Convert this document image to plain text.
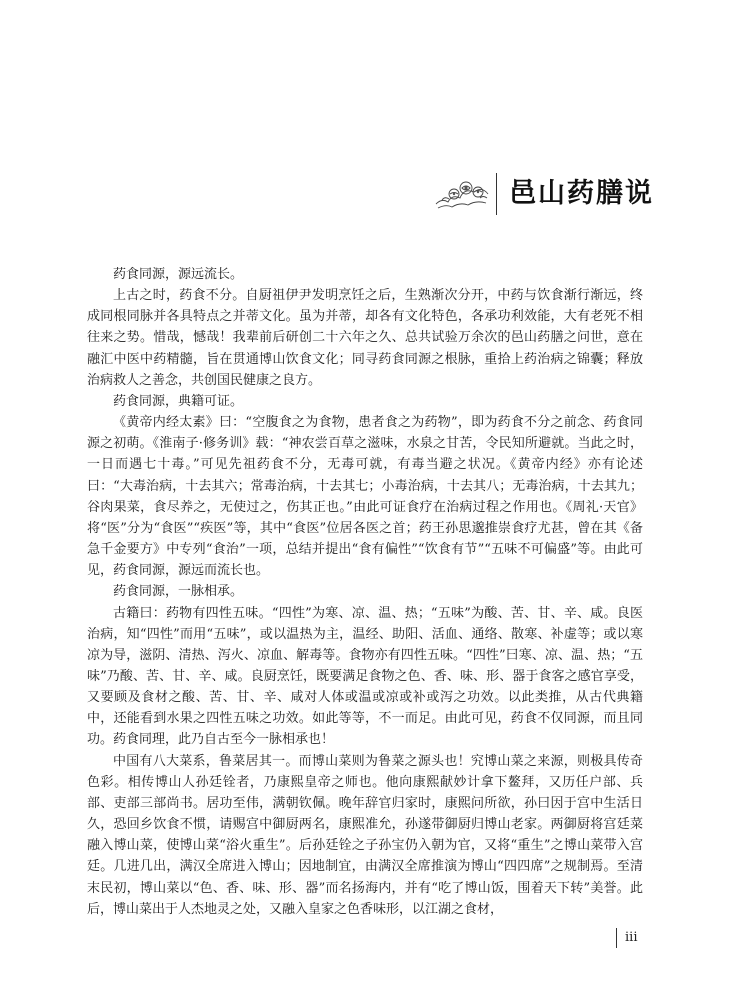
邑山药膳说

药食同源，源远流长。

上古之时，药食不分。自厨祖伊尹发明烹饪之后，生熟渐次分开，中药与饮食渐行渐远，终成同根同脉并各具特点之并蒂文化。虽为并蒂，却各有文化特色，各承功利效能，大有老死不相往来之势。惜哉，憾哉！我辈前后研创二十六年之久、总共试验万余次的邑山药膳之问世，意在融汇中医中药精髓，旨在贯通博山饮食文化；同寻药食同源之根脉，重拾上药治病之锦囊；释放治病救人之善念，共创国民健康之良方。

药食同源，典籍可证。

《黄帝内经太素》曰：“空腹食之为食物，患者食之为药物”，即为药食不分之前念、药食同源之初萌。《淮南子·修务训》载：“神农尝百草之滋味，水泉之甘苦，令民知所避就。当此之时，一日而遇七十毒。”可见先祖药食不分，无毒可就，有毒当避之状况。《黄帝内经》亦有论述曰：“大毒治病，十去其六；常毒治病，十去其七；小毒治病，十去其八；无毒治病，十去其九；谷肉果菜，食尽养之，无使过之，伤其正也。”由此可证食疗在治病过程之作用也。《周礼·天官》将“医”分为“食医”“疾医”等，其中“食医”位居各医之首；药王孙思邈推崇食疗尤甚，曾在其《备急千金要方》中专列“食治”一项，总结并提出“食有偏性”“饮食有节”“五味不可偏盛”等。由此可见，药食同源，源远而流长也。

药食同源，一脉相承。

古籍曰：药物有四性五味。“四性”为寒、凉、温、热；“五味”为酸、苦、甘、辛、咸。良医治病，知“四性”而用“五味”，或以温热为主，温经、助阳、活血、通络、散寒、补虚等；或以寒凉为导，滋阴、清热、泻火、凉血、解毒等。食物亦有四性五味。“四性”曰寒、凉、温、热；“五味”乃酸、苦、甘、辛、咸。良厨烹饪，既要满足食物之色、香、味、形、器于食客之感官享受，又要顾及食材之酸、苦、甘、辛、咸对人体或温或凉或补或泻之功效。以此类推，从古代典籍中，还能看到水果之四性五味之功效。如此等等，不一而足。由此可见，药食不仅同源，而且同功。药食同理，此乃自古至今一脉相承也！

中国有八大菜系，鲁菜居其一。而博山菜则为鲁菜之源头也！究博山菜之来源，则极具传奇色彩。相传博山人孙廷铨者，乃康熙皇帝之师也。他向康熙献妙计拿下鳌拜，又历任户部、兵部、吏部三部尚书。居功至伟，满朝钦佩。晚年辞官归家时，康熙问所欲，孙曰因于宫中生活日久，恐回乡饮食不惯，请赐宫中御厨两名，康熙准允，孙遂带御厨归博山老家。两御厨将宫廷菜融入博山菜，使博山菜“浴火重生”。后孙廷铨之子孙宝仍入朝为官，又将“重生”之博山菜带入宫廷。几进几出，满汉全席进入博山；因地制宜，由满汉全席推演为博山“四四席”之规制焉。至清末民初，博山菜以“色、香、味、形、器”而名扬海内，并有“吃了博山饭，围着天下转”美誉。此后，博山菜出于人杰地灵之处，又融入皇家之色香味形，以江湖之食材，

iii
